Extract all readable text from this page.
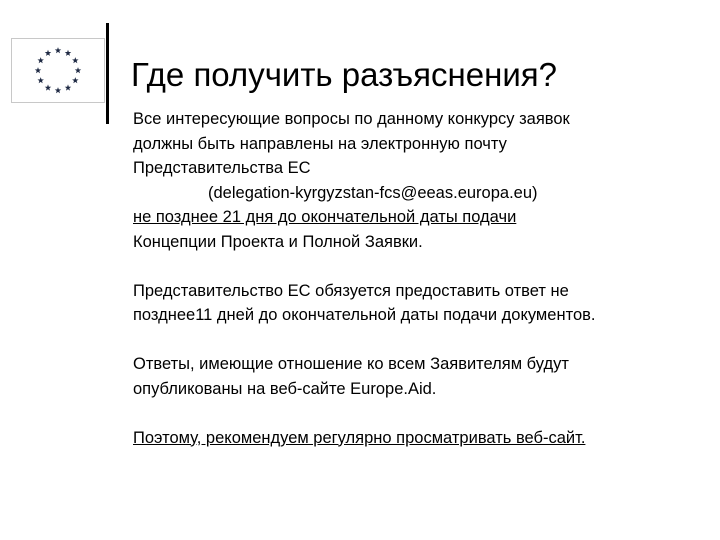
Где получить разъяснения?

Все интересующие вопросы по данному конкурсу заявок
должны быть направлены на электронную почту
Представительства ЕС
(delegation-kyrgyzstan-fcs@eeas.europa.eu)
не позднее 21 дня до окончательной даты подачи
Концепции Проекта и Полной Заявки.

Представительство ЕС обязуется предоставить ответ не
позднее11 дней до окончательной даты подачи документов.

Ответы, имеющие отношение ко всем Заявителям будут
опубликованы на веб-сайте Europe.Aid.

Поэтому, рекомендуем регулярно просматривать веб-сайт.
